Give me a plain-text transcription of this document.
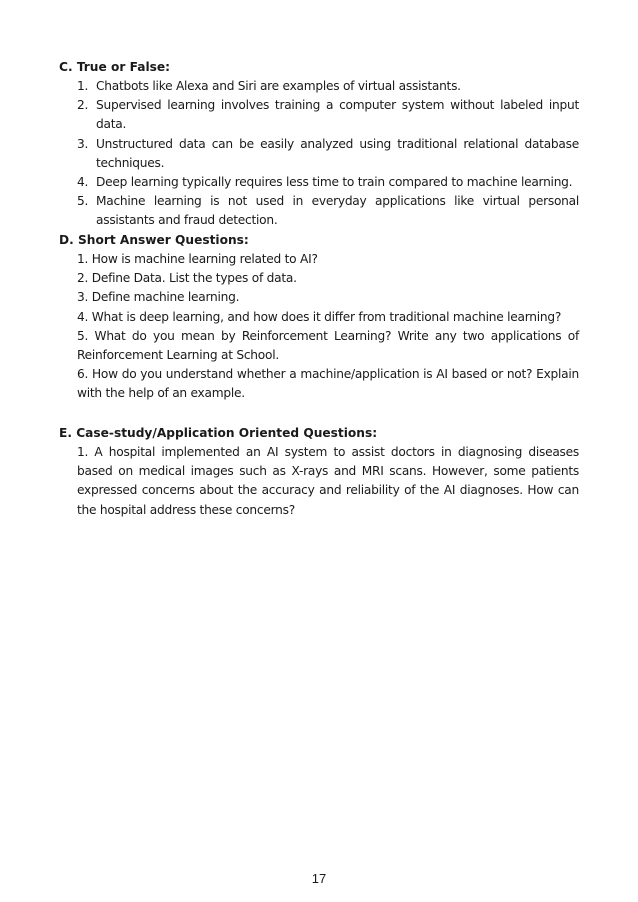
C. True or False:

1. Chatbots like Alexa and Siri are examples of virtual assistants.
2. Supervised learning involves training a computer system without labeled input data.
3. Unstructured data can be easily analyzed using traditional relational database techniques.
4. Deep learning typically requires less time to train compared to machine learning.
5. Machine learning is not used in everyday applications like virtual personal assistants and fraud detection.

D. Short Answer Questions:

1. How is machine learning related to AI?

2. Define Data. List the types of data.

3. Define machine learning.

4. What is deep learning, and how does it differ from traditional machine learning?

5. What do you mean by Reinforcement Learning? Write any two applications of Reinforcement Learning at School.

6. How do you understand whether a machine/application is AI based or not? Explain with the help of an example.

E. Case-study/Application Oriented Questions:

1. A hospital implemented an AI system to assist doctors in diagnosing diseases based on medical images such as X-rays and MRI scans. However, some patients expressed concerns about the accuracy and reliability of the AI diagnoses. How can the hospital address these concerns?

17
